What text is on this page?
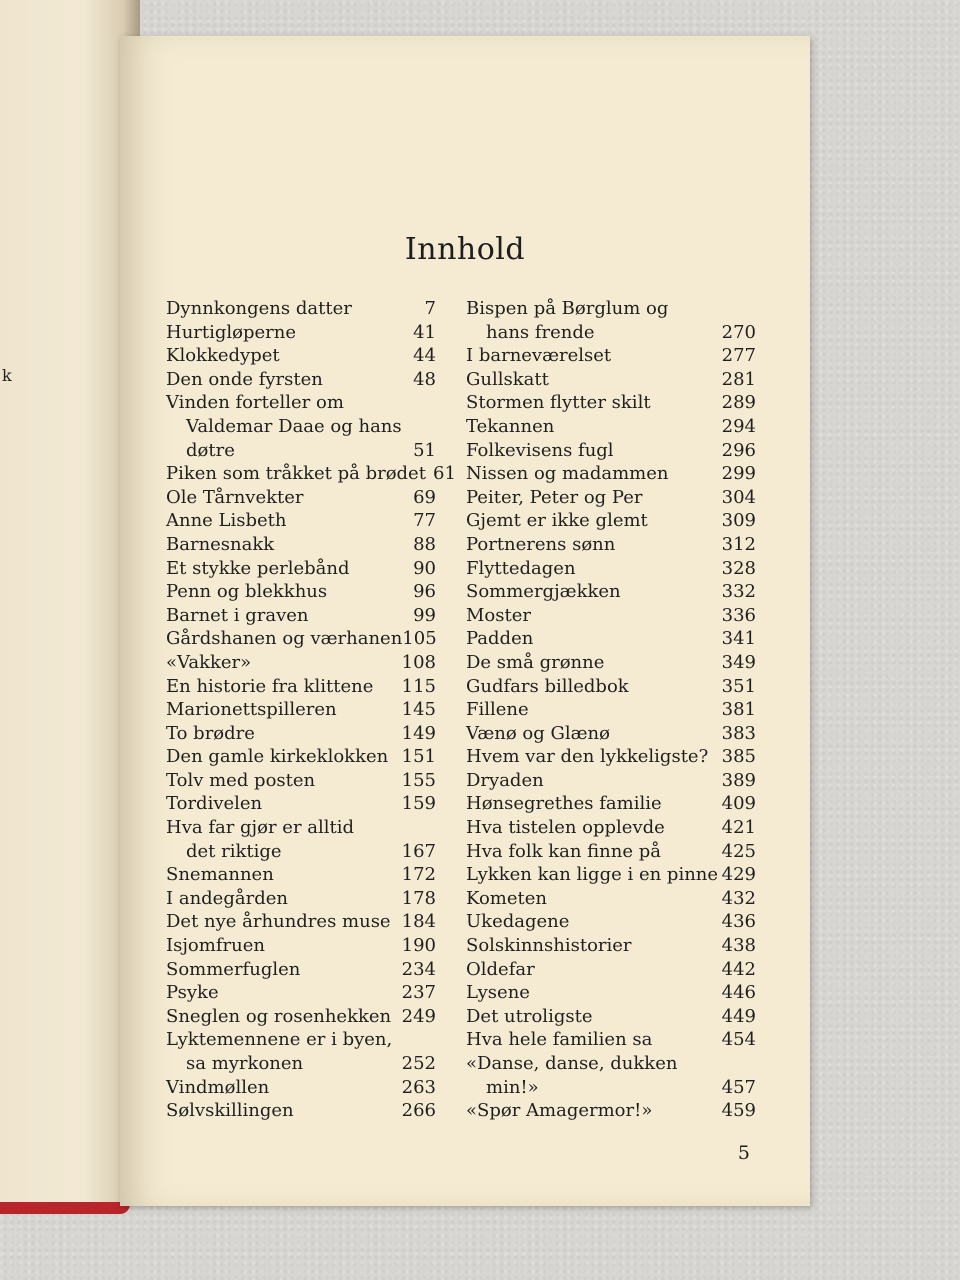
k
Innhold
Dynnkongens datter	7
Hurtigløperne	41
Klokkedypet	44
Den onde fyrsten	48
Vinden forteller om
Valdemar Daae og hans
døtre	51
Piken som tråkket på brødet 61
Ole Tårnvekter	69
Anne Lisbeth	77
Barnesnakk	88
Et stykke perlebånd	90
Penn og blekkhus	96
Barnet i graven	99
Gårdshanen og værhanen 105
«Vakker»	108
En historie fra klittene 115
Marionettspilleren	145
To brødre	149
Den gamle kirkeklokken 151
Tolv med posten	155
Tordivelen	159
Hva far gjør er alltid
det riktige	167
Snemannen	172
I andegården	178
Det nye århundres muse 184
Isjomfruen	190
Sommerfuglen	234
Psyke	237
Sneglen og rosenhekken 249
Lyktemennene er i byen,
sa myrkonen	252
Vindmøllen	263
Sølvskillingen	266
Bispen på Børglum og
hans frende	270
I barneværelset	277
Gullskatt	281
Stormen flytter skilt	289
Tekannen	294
Folkevisens fugl	296
Nissen og madammen	299
Peiter, Peter og Per	304
Gjemt er ikke glemt	309
Portnerens sønn	312
Flyttedagen	328
Sommergjækken	332
Moster	336
Padden	341
De små grønne	349
Gudfars billedbok	351
Fillene	381
Vænø og Glænø	383
Hvem var den lykkeligste? 385
Dryaden	389
Hønsegrethes familie	409
Hva tistelen opplevde	421
Hva folk kan finne på	425
Lykken kan ligge i en pinne 429
Kometen	432
Ukedagene	436
Solskinnshistorier	438
Oldefar	442
Lysene	446
Det utroligste	449
Hva hele familien sa	454
«Danse, danse, dukken
min!»	457
«Spør Amagermor!»	459
5
